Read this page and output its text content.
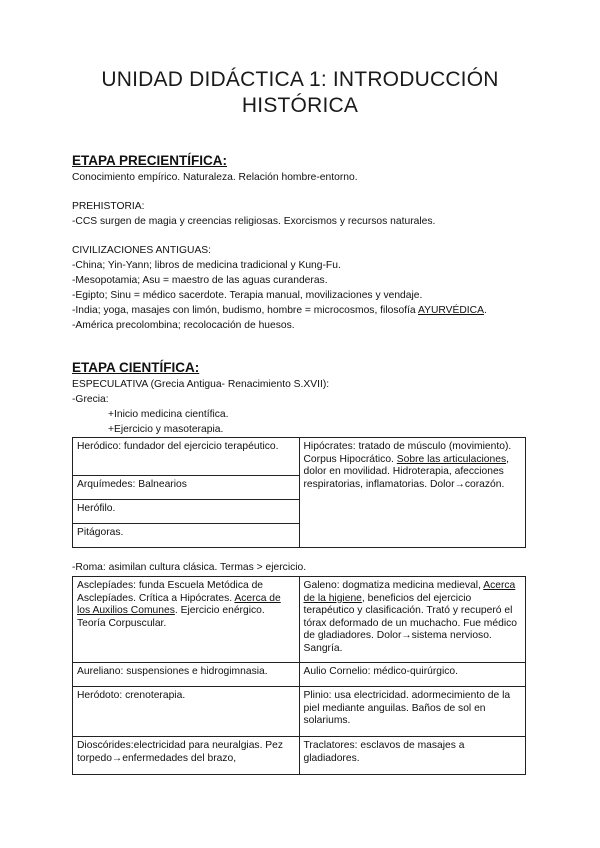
UNIDAD DIDÁCTICA 1: INTRODUCCIÓN
HISTÓRICA
ETAPA PRECIENTÍFICA:
Conocimiento empírico. Naturaleza. Relación hombre-entorno.
PREHISTORIA:
-CCS surgen de magia y creencias religiosas. Exorcismos y recursos naturales.
CIVILIZACIONES ANTIGUAS:
-China; Yin-Yann; libros de medicina tradicional y Kung-Fu.
-Mesopotamia; Asu = maestro de las aguas curanderas.
-Egipto; Sinu = médico sacerdote. Terapia manual, movilizaciones y vendaje.
-India; yoga, masajes con limón, budismo, hombre = microcosmos, filosofía AYURVÉDICA.
-América precolombina; recolocación de huesos.
ETAPA CIENTÍFICA:
ESPECULATIVA (Grecia Antigua- Renacimiento S.XVII):
-Grecia:
+Inicio medicina científica.
+Ejercicio y masoterapia.
Heródico: fundador del ejercicio terapéutico.	Hipócrates: tratado de músculo (movimiento). Corpus Hipocrático. Sobre las articulaciones, dolor en movilidad. Hidroterapia, afecciones respiratorias, inflamatorias. Dolor→corazón.
Arquímedes: Balnearios
Herófilo.
Pitágoras.
-Roma: asimilan cultura clásica. Termas > ejercicio.
Asclepíades: funda Escuela Metódica de Asclepíades. Crítica a Hipócrates. Acerca de los Auxilios Comunes. Ejercicio enérgico. Teoría Corpuscular.	Galeno: dogmatiza medicina medieval, Acerca de la higiene, beneficios del ejercicio terapéutico y clasificación. Trató y recuperó el tórax deformado de un muchacho. Fue médico de gladiadores. Dolor→sistema nervioso. Sangría.
Aureliano: suspensiones e hidrogimnasia.	Aulio Cornelio: médico-quirúrgico.
Heródoto: crenoterapia.	Plinio: usa electricidad. adormecimiento de la piel mediante anguilas. Baños de sol en solariums.
Dioscórides:electricidad para neuralgias. Pez torpedo→enfermedades del brazo,	Traclatores: esclavos de masajes a gladiadores.
